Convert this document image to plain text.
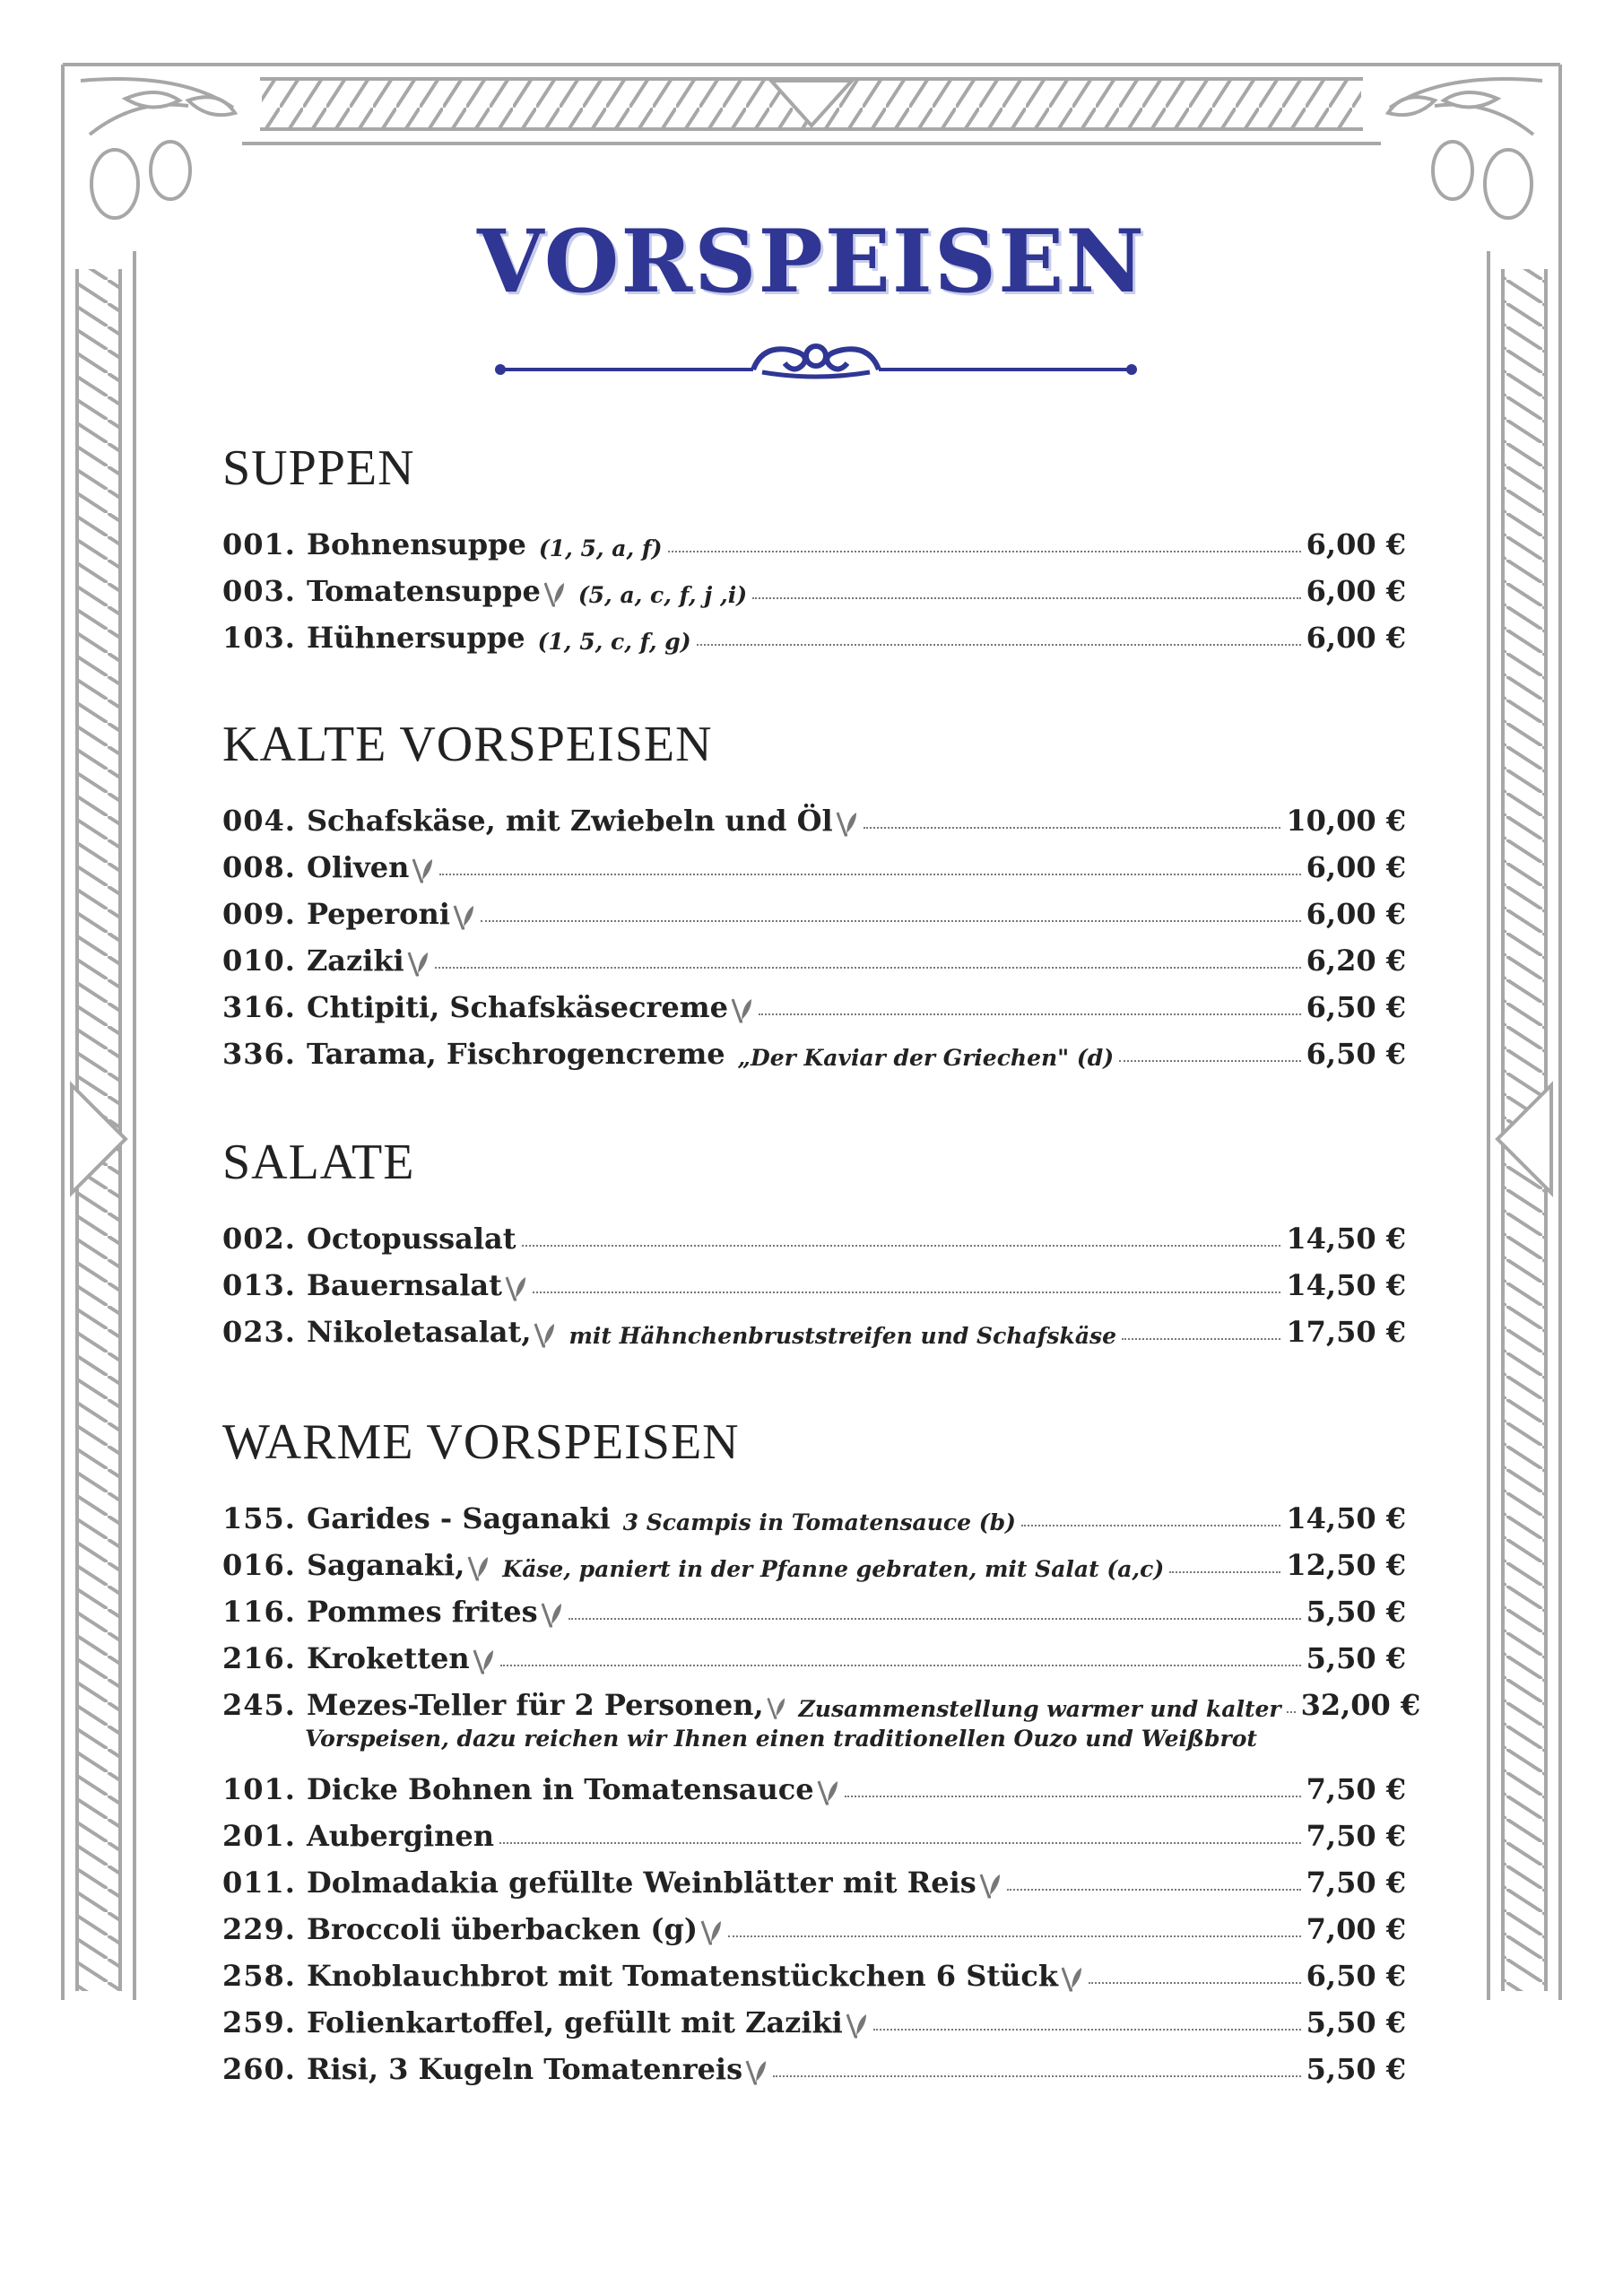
VORSPEISEN
SUPPEN
001. Bohnensuppe (1, 5, a, f)	6,00 €
003. Tomatensuppe (5, a, c, f, j ,i)	6,00 €
103. Hühnersuppe (1, 5, c, f, g)	6,00 €
KALTE VORSPEISEN
004. Schafskäse, mit Zwiebeln und Öl	10,00 €
008. Oliven	6,00 €
009. Peperoni	6,00 €
010. Zaziki	6,20 €
316. Chtipiti, Schafskäsecreme	6,50 €
336. Tarama, Fischrogencreme „Der Kaviar der Griechen" (d)	6,50 €
SALATE
002. Octopussalat	14,50 €
013. Bauernsalat	14,50 €
023. Nikoletasalat, mit Hähnchenbruststreifen und Schafskäse	17,50 €
WARME VORSPEISEN
155. Garides - Saganaki 3 Scampis in Tomatensauce (b)	14,50 €
016. Saganaki, Käse, paniert in der Pfanne gebraten, mit Salat (a,c)	12,50 €
116. Pommes frites	5,50 €
216. Kroketten	5,50 €
245. Mezes-Teller für 2 Personen, Zusammenstellung warmer und kalter 32,00 €
Vorspeisen, dazu reichen wir Ihnen einen traditionellen Ouzo und Weißbrot
101. Dicke Bohnen in Tomatensauce	7,50 €
201. Auberginen	7,50 €
011. Dolmadakia gefüllte Weinblätter mit Reis	7,50 €
229. Broccoli überbacken (g)	7,00 €
258. Knoblauchbrot mit Tomatenstückchen 6 Stück	6,50 €
259. Folienkartoffel, gefüllt mit Zaziki	5,50 €
260. Risi, 3 Kugeln Tomatenreis	5,50 €
